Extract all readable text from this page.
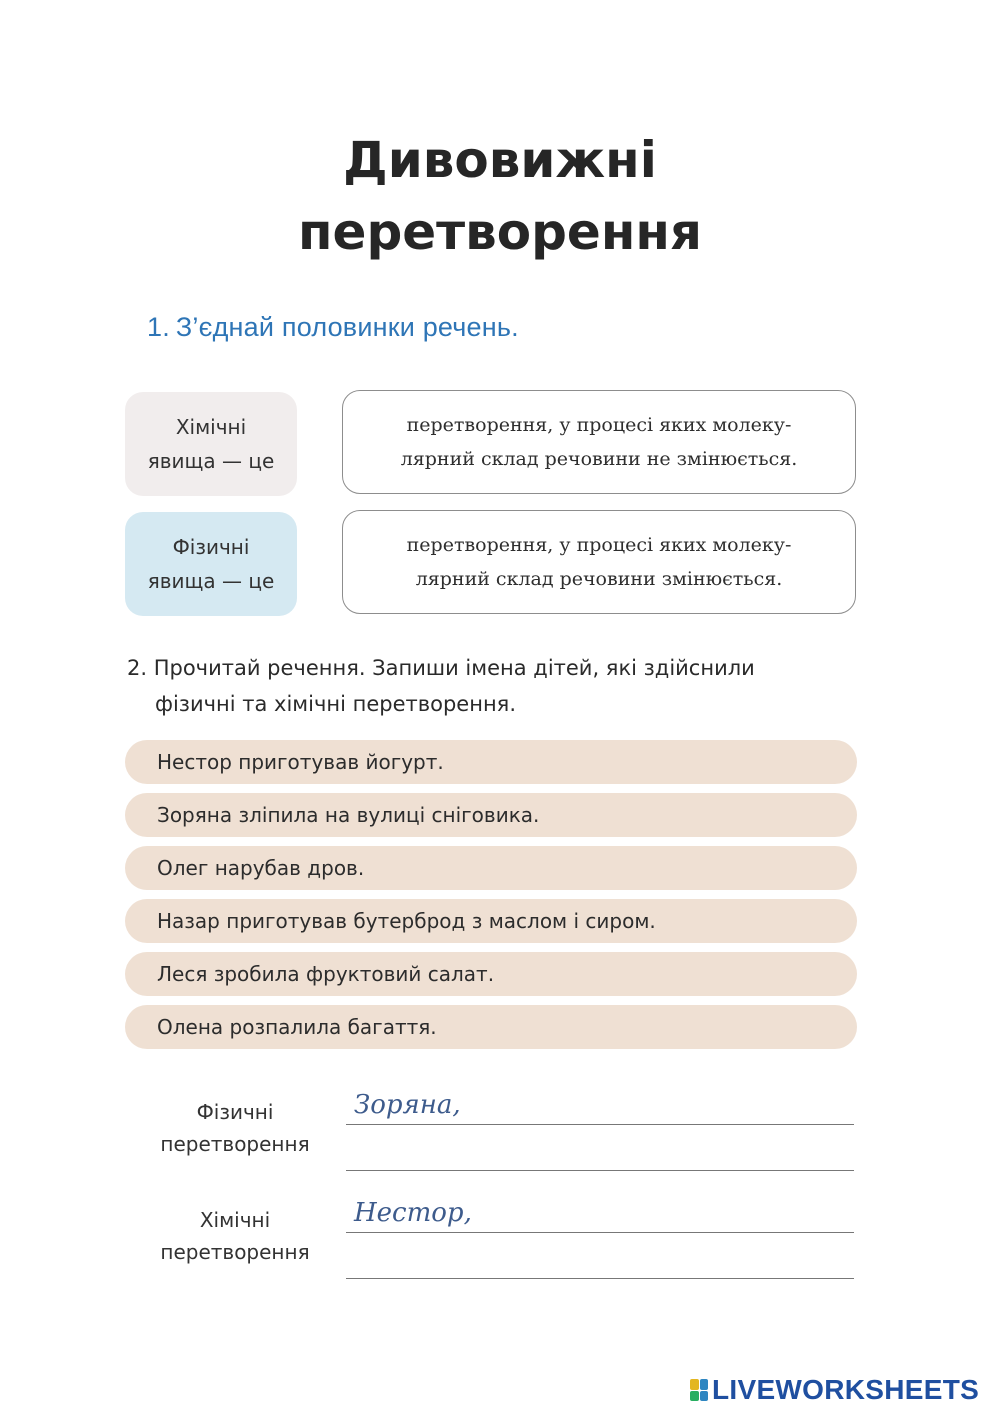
Дивовижні
перетворення
1. З’єднай половинки речень.
Хімічні
явища — це
Фізичні
явища — це
перетворення, у процесі яких молеку-
лярний склад речовини не змінюється.
перетворення, у процесі яких молеку-
лярний склад речовини змінюється.
2. Прочитай речення. Запиши імена дітей, які здійснили
фізичні та хімічні перетворення.
Нестор приготував йогурт.
Зоряна зліпила на вулиці сніговика.
Олег нарубав дров.
Назар приготував бутерброд з маслом і сиром.
Леся зробила фруктовий салат.
Олена розпалила багаття.
Фізичні
перетворення
Зоряна,
Хімічні
перетворення
Нестор,
LIVEWORKSHEETS
